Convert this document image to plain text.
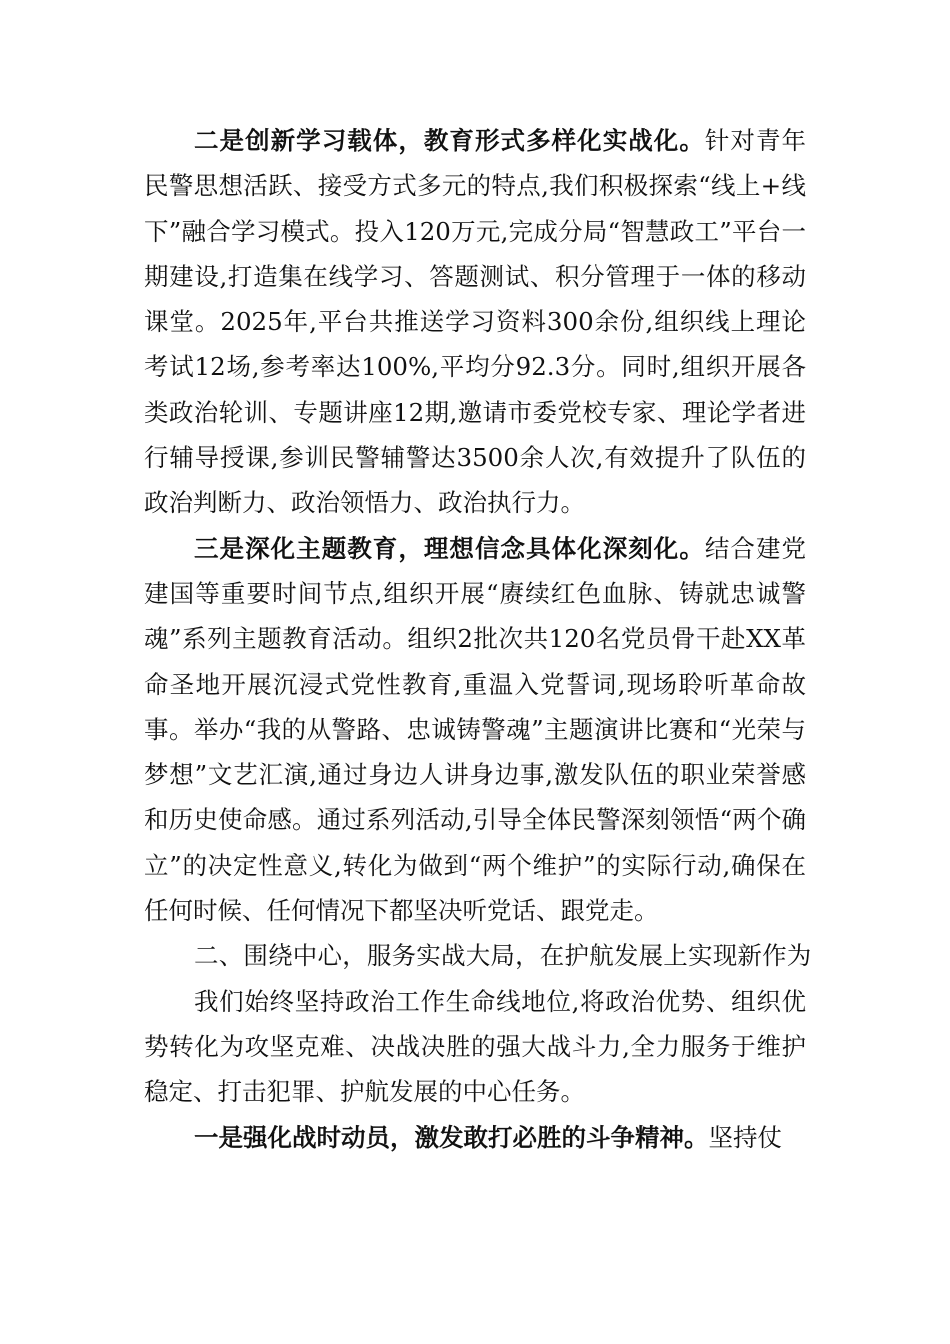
二是创新学习载体，教育形式多样化实战化。针对青年民警思想活跃、接受方式多元的特点,我们积极探索“线上+线下”融合学习模式。投入120万元,完成分局“智慧政工”平台一期建设,打造集在线学习、答题测试、积分管理于一体的移动课堂。2025年,平台共推送学习资料300余份,组织线上理论考试12场,参考率达100%,平均分92.3分。同时,组织开展各类政治轮训、专题讲座12期,邀请市委党校专家、理论学者进行辅导授课,参训民警辅警达3500余人次,有效提升了队伍的政治判断力、政治领悟力、政治执行力。

三是深化主题教育，理想信念具体化深刻化。结合建党建国等重要时间节点,组织开展“赓续红色血脉、铸就忠诚警魂”系列主题教育活动。组织2批次共120名党员骨干赴XX革命圣地开展沉浸式党性教育,重温入党誓词,现场聆听革命故事。举办“我的从警路、忠诚铸警魂”主题演讲比赛和“光荣与梦想”文艺汇演,通过身边人讲身边事,激发队伍的职业荣誉感和历史使命感。通过系列活动,引导全体民警深刻领悟“两个确立”的决定性意义,转化为做到“两个维护”的实际行动,确保在任何时候、任何情况下都坚决听党话、跟党走。

二、围绕中心，服务实战大局，在护航发展上实现新作为

我们始终坚持政治工作生命线地位,将政治优势、组织优势转化为攻坚克难、决战决胜的强大战斗力,全力服务于维护稳定、打击犯罪、护航发展的中心任务。

一是强化战时动员，激发敢打必胜的斗争精神。坚持仗
